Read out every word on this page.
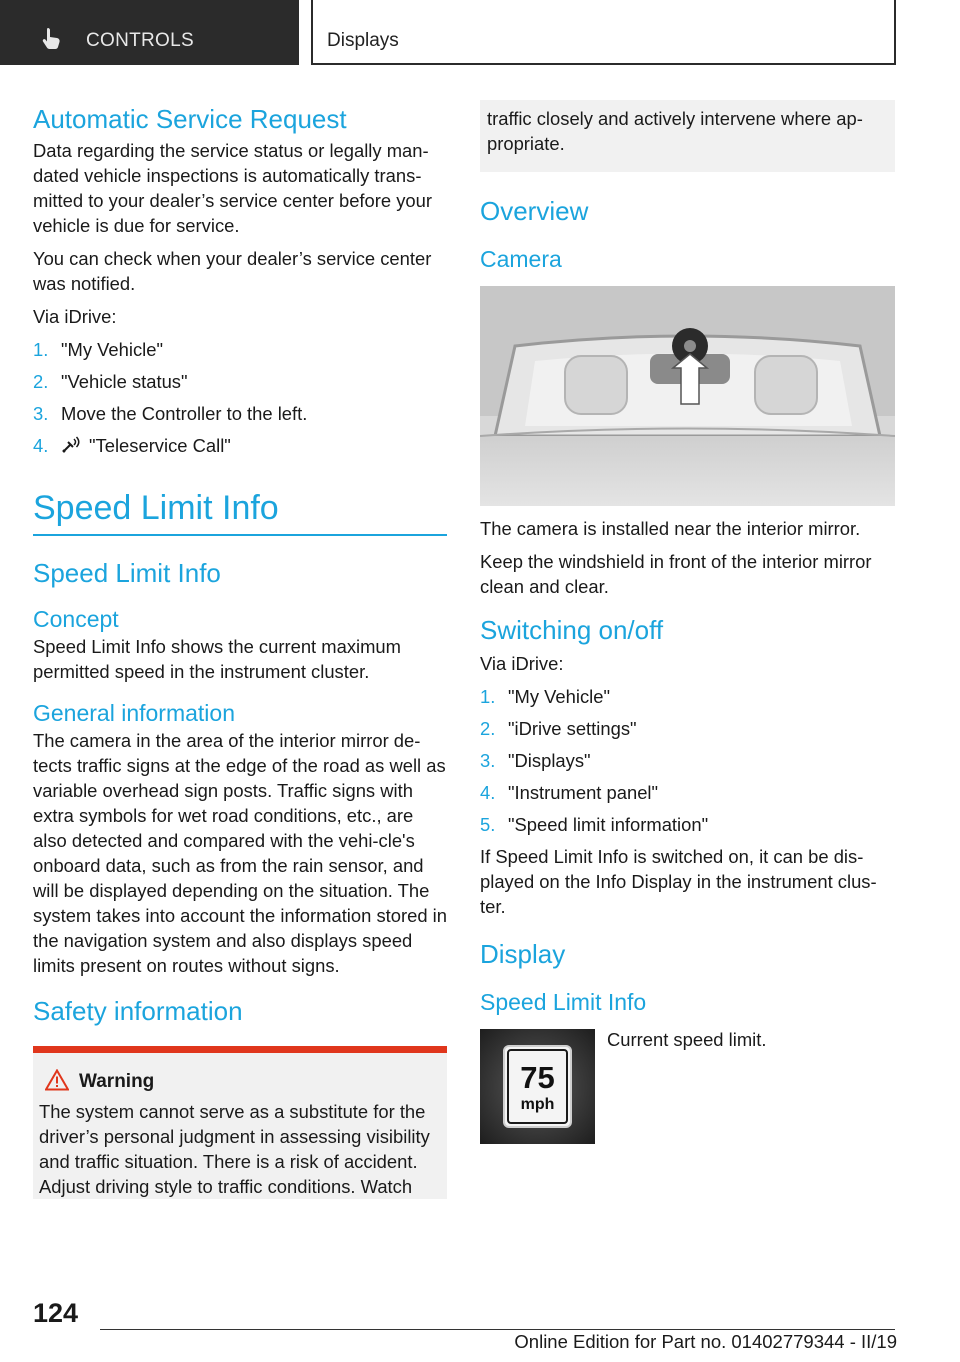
CONTROLS	Displays
Automatic Service Request

Data regarding the service status or legally man-dated vehicle inspections is automatically trans-mitted to your dealer’s service center before your vehicle is due for service.

You can check when your dealer’s service center was notified.

Via iDrive:

1. "My Vehicle"
2. "Vehicle status"
3. Move the Controller to the left.
4. "Teleservice Call"
Speed Limit Info
Speed Limit Info
Concept

Speed Limit Info shows the current maximum permitted speed in the instrument cluster.

General information

The camera in the area of the interior mirror de-tects traffic signs at the edge of the road as well as variable overhead sign posts. Traffic signs with extra symbols for wet road conditions, etc., are also detected and compared with the vehi-cle's onboard data, such as from the rain sensor, and will be displayed depending on the situation. The system takes into account the information stored in the navigation system and also displays speed limits present on routes without signs.

Safety information
Warning

The system cannot serve as a substitute for the driver’s personal judgment in assessing visibility and traffic situation. There is a risk of accident. Adjust driving style to traffic conditions. Watch

traffic closely and actively intervene where ap-propriate.

Overview
Camera

The camera is installed near the interior mirror.

Keep the windshield in front of the interior mirror clean and clear.

Switching on/off

Via iDrive:

1. "My Vehicle"
2. "iDrive settings"
3. "Displays"
4. "Instrument panel"
5. "Speed limit information"

If Speed Limit Info is switched on, it can be dis-played on the Info Display in the instrument clus-ter.

Display
Speed Limit Info
75
mph

Current speed limit.

124
Online Edition for Part no. 01402779344 - II/19
